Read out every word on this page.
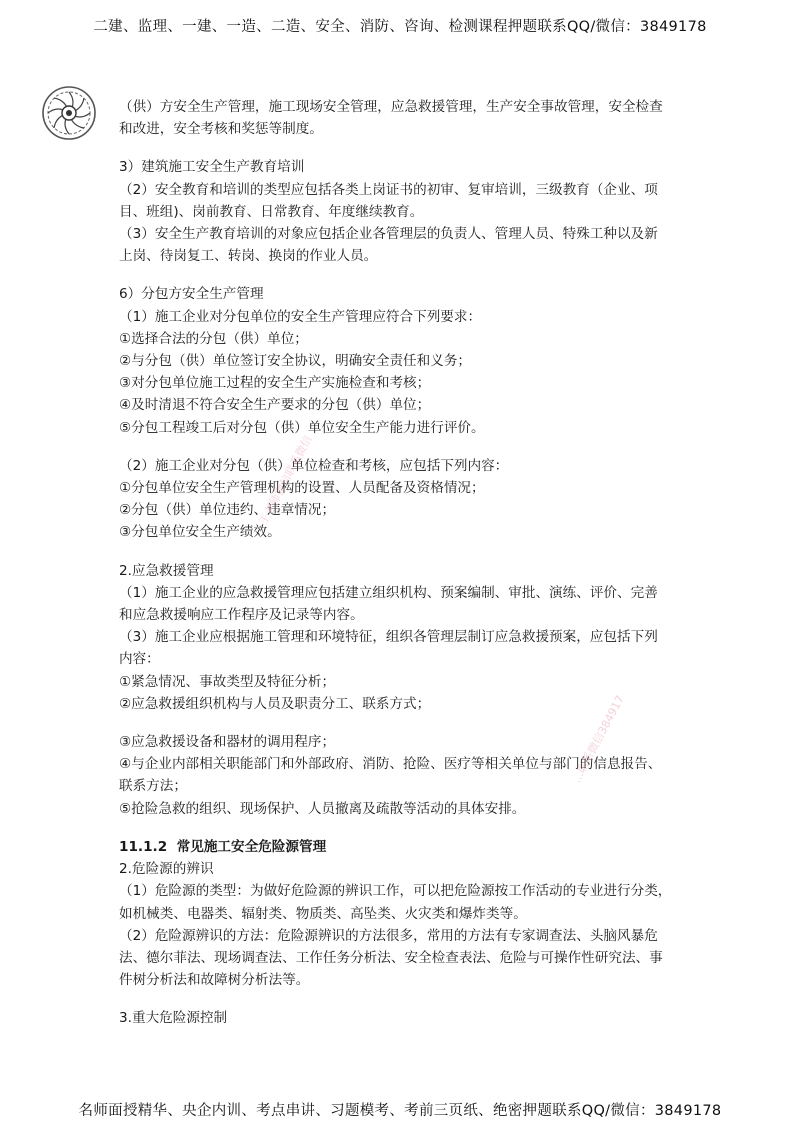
二建、监理、一建、一造、二造、安全、消防、咨询、检测课程押题联系QQ/微信：3849178

（供）方安全生产管理，施工现场安全管理，应急救援管理，生产安全事故管理，安全检查

和改进，安全考核和奖惩等制度。

3）建筑施工安全生产教育培训

（2）安全教育和培训的类型应包括各类上岗证书的初审、复审培训，三级教育（企业、项

目、班组)、岗前教育、日常教育、年度继续教育。

（3）安全生产教育培训的对象应包括企业各管理层的负责人、管理人员、特殊工种以及新

上岗、待岗复工、转岗、换岗的作业人员。

6）分包方安全生产管理

（1）施工企业对分包单位的安全生产管理应符合下列要求：

①选择合法的分包（供）单位；

②与分包（供）单位签订安全协议，明确安全责任和义务；

③对分包单位施工过程的安全生产实施检查和考核；

④及时清退不符合安全生产要求的分包（供）单位；

⑤分包工程竣工后对分包（供）单位安全生产能力进行评价。

（2）施工企业对分包（供）单位检查和考核，应包括下列内容：

①分包单位安全生产管理机构的设置、人员配备及资格情况；

②分包（供）单位违约、违章情况；

③分包单位安全生产绩效。

2.应急救援管理

（1）施工企业的应急救援管理应包括建立组织机构、预案编制、审批、演练、评价、完善

和应急救援响应工作程序及记录等内容。

（3）施工企业应根据施工管理和环境特征，组织各管理层制订应急救援预案，应包括下列

内容：

①紧急情况、事故类型及特征分析；

②应急救援组织机构与人员及职责分工、联系方式；

③应急救援设备和器材的调用程序；

④与企业内部相关职能部门和外部政府、消防、抢险、医疗等相关单位与部门的信息报告、

联系方法；

⑤抢险急救的组织、现场保护、人员撤离及疏散等活动的具体安排。

11.1.2  常见施工安全危险源管理

2.危险源的辨识

（1）危险源的类型：为做好危险源的辨识工作，可以把危险源按工作活动的专业进行分类，

如机械类、电器类、辐射类、物质类、高坠类、火灾类和爆炸类等。

（2）危险源辨识的方法：危险源辨识的方法很多，常用的方法有专家调查法、头脑风暴危

法、德尔菲法、现场调查法、工作任务分析法、安全检查表法、危险与可操作性研究法、事

件树分析法和故障树分析法等。

3.重大危险源控制

王老师微信联系微信
…联系微信384917
名师面授精华、央企内训、考点串讲、习题模考、考前三页纸、绝密押题联系QQ/微信：3849178
